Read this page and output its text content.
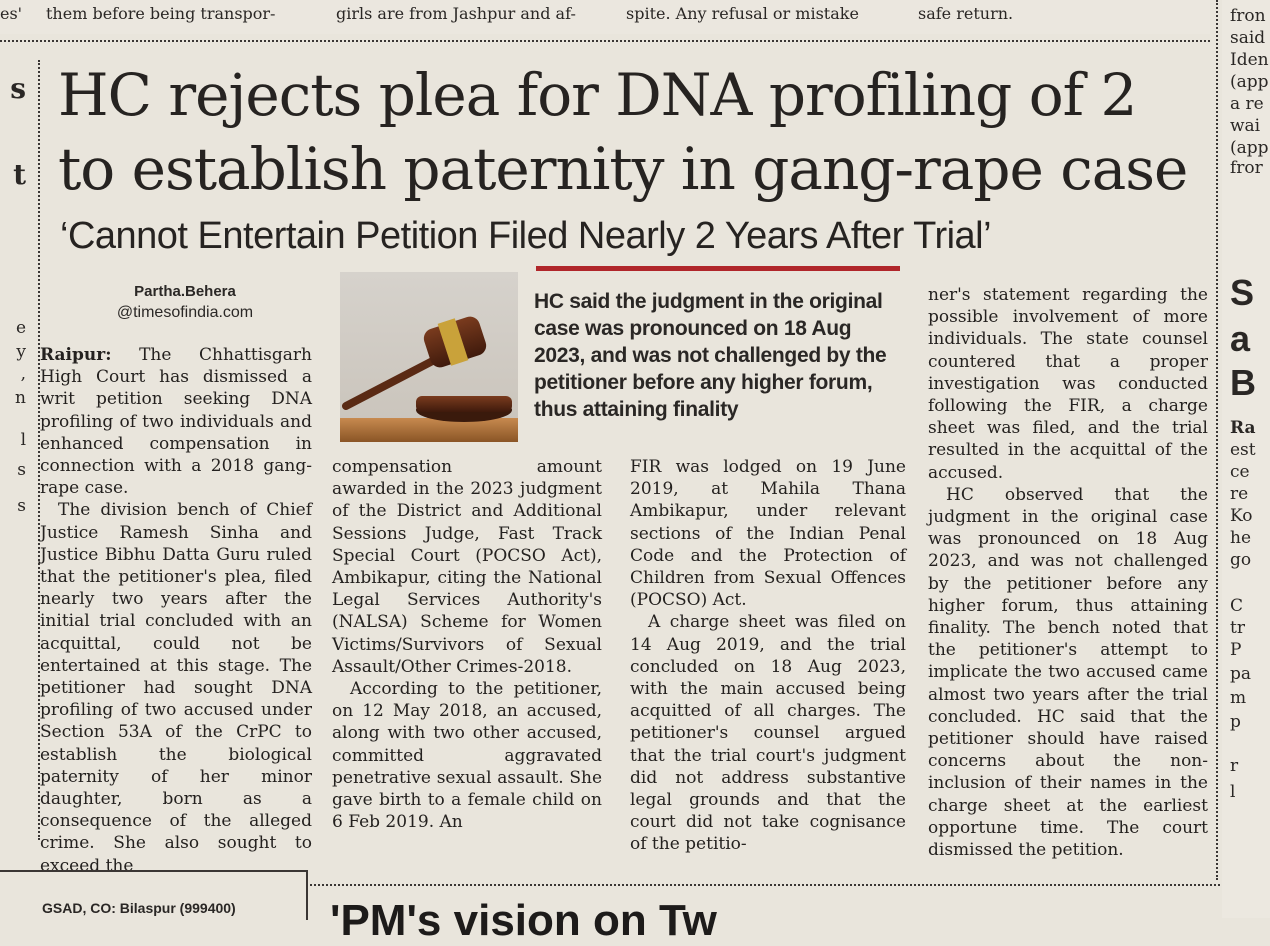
es' them before being transpor-	girls are from Jashpur and af-	spite. Any refusal or mistake	safe return.
s
t
e
y
,
n
l
s
s
fron
said
Iden
(app
a re
wai
(app
fror
S
a
B
Ra
est
ce
re
Ko
he
go
C
tr
P
pa
m
p
r
l
HC rejects plea for DNA profiling of 2
to establish paternity in gang-rape case
‘Cannot Entertain Petition Filed Nearly 2 Years After Trial’
Partha.Behera
@timesofindia.com	HC said the judgment in the original case was pronounced on 18 Aug 2023, and was not challenged by the petitioner before any higher forum, thus attaining finality

Raipur: The Chhattisgarh High Court has dismissed a writ petition seeking DNA profiling of two individuals and enhanced compensation in connection with a 2018 gang-rape case.

The division bench of Chief Justice Ramesh Sinha and Justice Bibhu Datta Guru ruled that the petitioner's plea, filed nearly two years after the initial trial concluded with an acquittal, could not be entertained at this stage. The petitioner had sought DNA profiling of two accused under Section 53A of the CrPC to establish the biological paternity of her minor daughter, born as a consequence of the alleged crime. She also sought to exceed the

compensation amount awarded in the 2023 judgment of the District and Additional Sessions Judge, Fast Track Special Court (POCSO Act), Ambikapur, citing the National Legal Services Authority's (NALSA) Scheme for Women Victims/Survivors of Sexual Assault/Other Crimes-2018.

According to the petitioner, on 12 May 2018, an accused, along with two other accused, committed aggravated penetrative sexual assault. She gave birth to a female child on 6 Feb 2019. An

FIR was lodged on 19 June 2019, at Mahila Thana Ambikapur, under relevant sections of the Indian Penal Code and the Protection of Children from Sexual Offences (POCSO) Act.

A charge sheet was filed on 14 Aug 2019, and the trial concluded on 18 Aug 2023, with the main accused being acquitted of all charges. The petitioner's counsel argued that the trial court's judgment did not address substantive legal grounds and that the court did not take cognisance of the petitio-

ner's statement regarding the possible involvement of more individuals. The state counsel countered that a proper investigation was conducted following the FIR, a charge sheet was filed, and the trial resulted in the acquittal of the accused.

HC observed that the judgment in the original case was pronounced on 18 Aug 2023, and was not challenged by the petitioner before any higher forum, thus attaining finality. The bench noted that the petitioner's attempt to implicate the two accused came almost two years after the trial concluded. HC said that the petitioner should have raised concerns about the non-inclusion of their names in the charge sheet at the earliest opportune time. The court dismissed the petition.

GSAD, CO: Bilaspur (999400) 'PM's vision on Tw
